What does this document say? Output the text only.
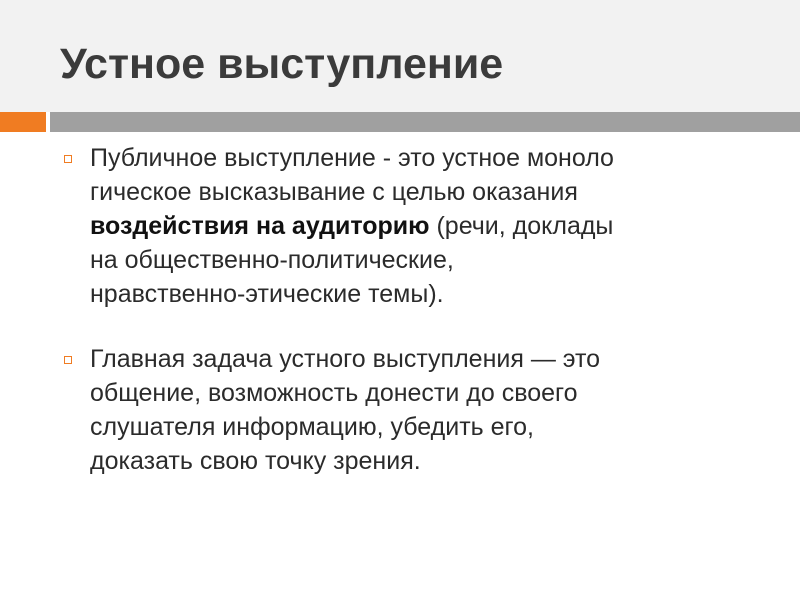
Устное выступление
Публичное выступление - это устное моноло
гическое высказывание с целью оказания
воздействия на аудиторию (речи, доклады
на общественно-политические,
нравственно-этические темы).
Главная задача устного выступления — это
общение, возможность донести до своего
слушателя информацию, убедить его,
доказать свою точку зрения.
